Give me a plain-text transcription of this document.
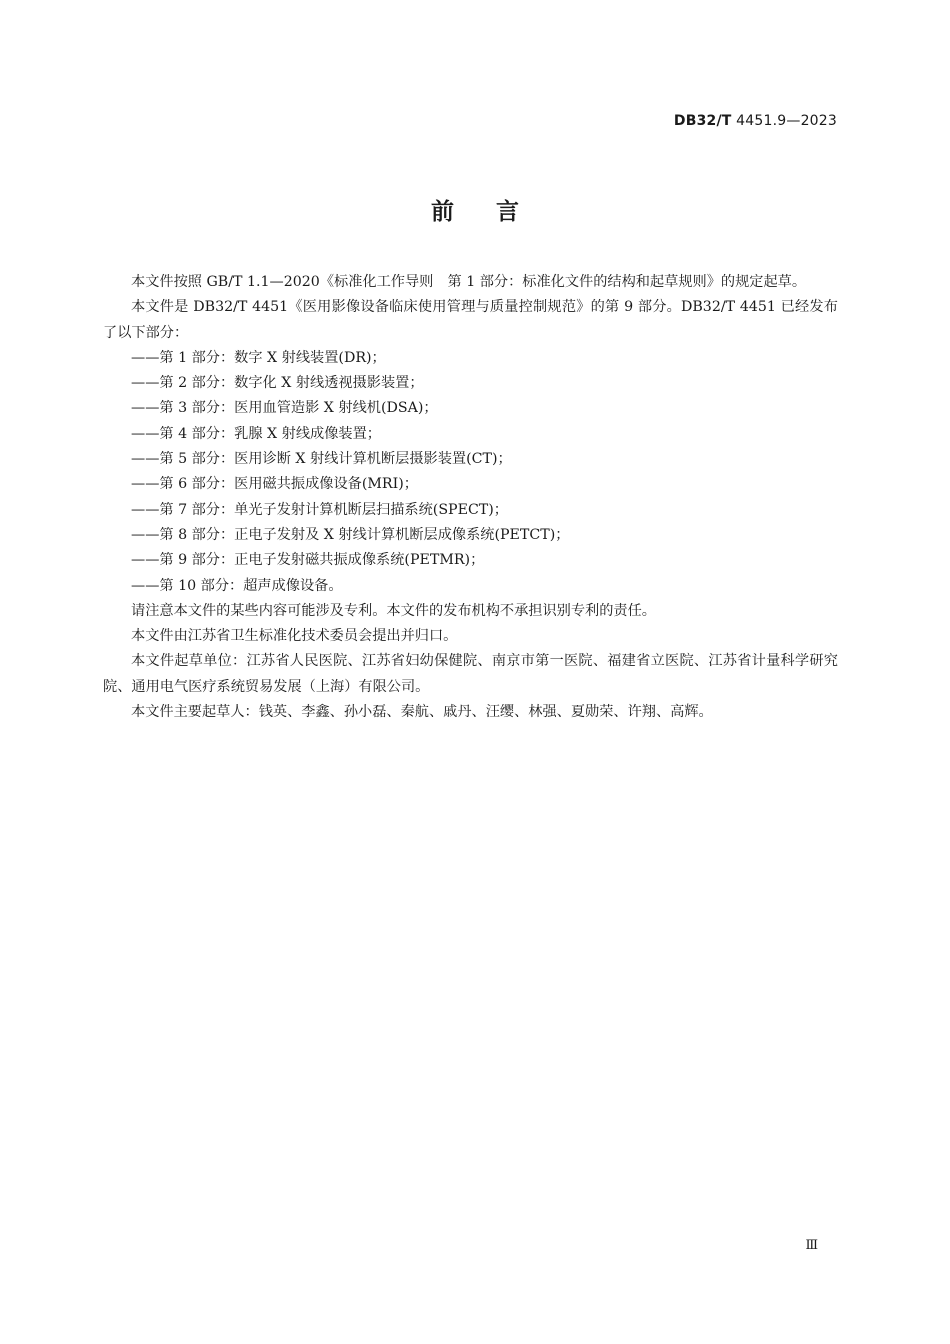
DB32/T 4451.9—2023
前言

本文件按照 GB/T 1.1—2020《标准化工作导则　第 1 部分：标准化文件的结构和起草规则》的规定起草。

本文件是 DB32/T 4451《医用影像设备临床使用管理与质量控制规范》的第 9 部分。DB32/T 4451 已经发布了以下部分：

——第 1 部分：数字 X 射线装置(DR)；

——第 2 部分：数字化 X 射线透视摄影装置；

——第 3 部分：医用血管造影 X 射线机(DSA)；

——第 4 部分：乳腺 X 射线成像装置；

——第 5 部分：医用诊断 X 射线计算机断层摄影装置(CT)；

——第 6 部分：医用磁共振成像设备(MRI)；

——第 7 部分：单光子发射计算机断层扫描系统(SPECT)；

——第 8 部分：正电子发射及 X 射线计算机断层成像系统(PETCT)；

——第 9 部分：正电子发射磁共振成像系统(PETMR)；

——第 10 部分：超声成像设备。

请注意本文件的某些内容可能涉及专利。本文件的发布机构不承担识别专利的责任。

本文件由江苏省卫生标准化技术委员会提出并归口。

本文件起草单位：江苏省人民医院、江苏省妇幼保健院、南京市第一医院、福建省立医院、江苏省计量科学研究院、通用电气医疗系统贸易发展（上海）有限公司。

本文件主要起草人：钱英、李鑫、孙小磊、秦航、戚丹、汪缨、林强、夏勋荣、许翔、高辉。

Ⅲ
